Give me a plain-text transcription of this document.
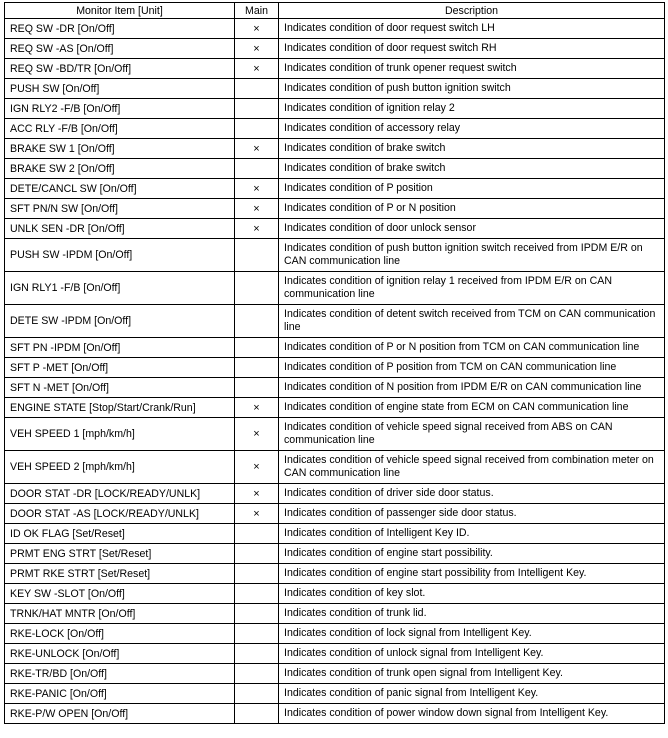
Monitor Item [Unit]	Main	Description
REQ SW -DR [On/Off]	×	Indicates condition of door request switch LH
REQ SW -AS [On/Off]	×	Indicates condition of door request switch RH
REQ SW -BD/TR [On/Off]	×	Indicates condition of trunk opener request switch
PUSH SW [On/Off]		Indicates condition of push button ignition switch
IGN RLY2 -F/B [On/Off]		Indicates condition of ignition relay 2
ACC RLY -F/B [On/Off]		Indicates condition of accessory relay
BRAKE SW 1 [On/Off]	×	Indicates condition of brake switch
BRAKE SW 2 [On/Off]		Indicates condition of brake switch
DETE/CANCL SW [On/Off]	×	Indicates condition of P position
SFT PN/N SW [On/Off]	×	Indicates condition of P or N position
UNLK SEN -DR [On/Off]	×	Indicates condition of door unlock sensor
PUSH SW -IPDM [On/Off]		Indicates condition of push button ignition switch received from IPDM E/R on CAN communication line
IGN RLY1 -F/B [On/Off]		Indicates condition of ignition relay 1 received from IPDM E/R on CAN communication line
DETE SW -IPDM [On/Off]		Indicates condition of detent switch received from TCM on CAN communication line
SFT PN -IPDM [On/Off]		Indicates condition of P or N position from TCM on CAN communication line
SFT P -MET [On/Off]		Indicates condition of P position from TCM on CAN communication line
SFT N -MET [On/Off]		Indicates condition of N position from IPDM E/R on CAN communication line
ENGINE STATE [Stop/Start/Crank/Run]	×	Indicates condition of engine state from ECM on CAN communication line
VEH SPEED 1 [mph/km/h]	×	Indicates condition of vehicle speed signal received from ABS on CAN communication line
VEH SPEED 2 [mph/km/h]	×	Indicates condition of vehicle speed signal received from combination meter on CAN communication line
DOOR STAT -DR [LOCK/READY/UNLK]	×	Indicates condition of driver side door status.
DOOR STAT -AS [LOCK/READY/UNLK]	×	Indicates condition of passenger side door status.
ID OK FLAG [Set/Reset]		Indicates condition of Intelligent Key ID.
PRMT ENG STRT [Set/Reset]		Indicates condition of engine start possibility.
PRMT RKE STRT [Set/Reset]		Indicates condition of engine start possibility from Intelligent Key.
KEY SW -SLOT [On/Off]		Indicates condition of key slot.
TRNK/HAT MNTR [On/Off]		Indicates condition of trunk lid.
RKE-LOCK [On/Off]		Indicates condition of lock signal from Intelligent Key.
RKE-UNLOCK [On/Off]		Indicates condition of unlock signal from Intelligent Key.
RKE-TR/BD [On/Off]		Indicates condition of trunk open signal from Intelligent Key.
RKE-PANIC [On/Off]		Indicates condition of panic signal from Intelligent Key.
RKE-P/W OPEN [On/Off]		Indicates condition of power window down signal from Intelligent Key.
